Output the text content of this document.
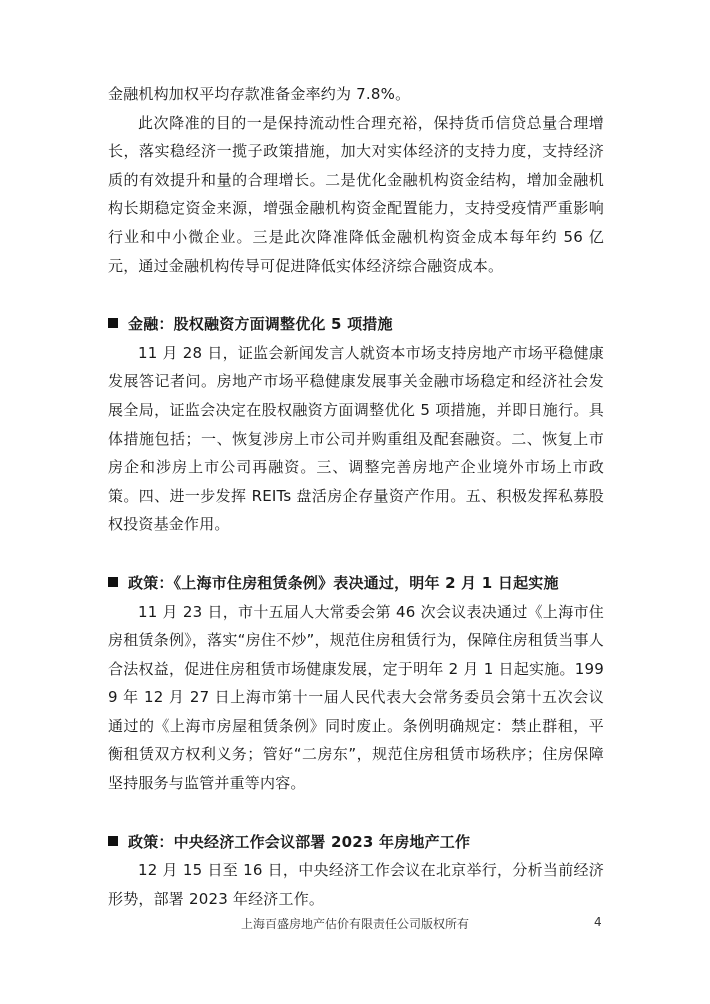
金融机构加权平均存款准备金率约为 7.8%。

此次降准的目的一是保持流动性合理充裕，保持货币信贷总量合理增长，落实稳经济一揽子政策措施，加大对实体经济的支持力度，支持经济质的有效提升和量的合理增长。二是优化金融机构资金结构，增加金融机构长期稳定资金来源，增强金融机构资金配置能力，支持受疫情严重影响行业和中小微企业。三是此次降准降低金融机构资金成本每年约 56 亿元，通过金融机构传导可促进降低实体经济综合融资成本。

金融：股权融资方面调整优化 5 项措施

11 月 28 日，证监会新闻发言人就资本市场支持房地产市场平稳健康发展答记者问。房地产市场平稳健康发展事关金融市场稳定和经济社会发展全局，证监会决定在股权融资方面调整优化 5 项措施，并即日施行。具体措施包括；一、恢复涉房上市公司并购重组及配套融资。二、恢复上市房企和涉房上市公司再融资。三、调整完善房地产企业境外市场上市政策。四、进一步发挥 REITs 盘活房企存量资产作用。五、积极发挥私募股权投资基金作用。

政策：《上海市住房租赁条例》表决通过，明年 2 月 1 日起实施

11 月 23 日，市十五届人大常委会第 46 次会议表决通过《上海市住房租赁条例》，落实“房住不炒”，规范住房租赁行为，保障住房租赁当事人合法权益，促进住房租赁市场健康发展，定于明年 2 月 1 日起实施。1999 年 12 月 27 日上海市第十一届人民代表大会常务委员会第十五次会议通过的《上海市房屋租赁条例》同时废止。条例明确规定：禁止群租，平衡租赁双方权利义务；管好“二房东”，规范住房租赁市场秩序；住房保障坚持服务与监管并重等内容。

政策：中央经济工作会议部署 2023 年房地产工作

12 月 15 日至 16 日，中央经济工作会议在北京举行，分析当前经济形势，部署 2023 年经济工作。

上海百盛房地产估价有限责任公司版权所有	4
